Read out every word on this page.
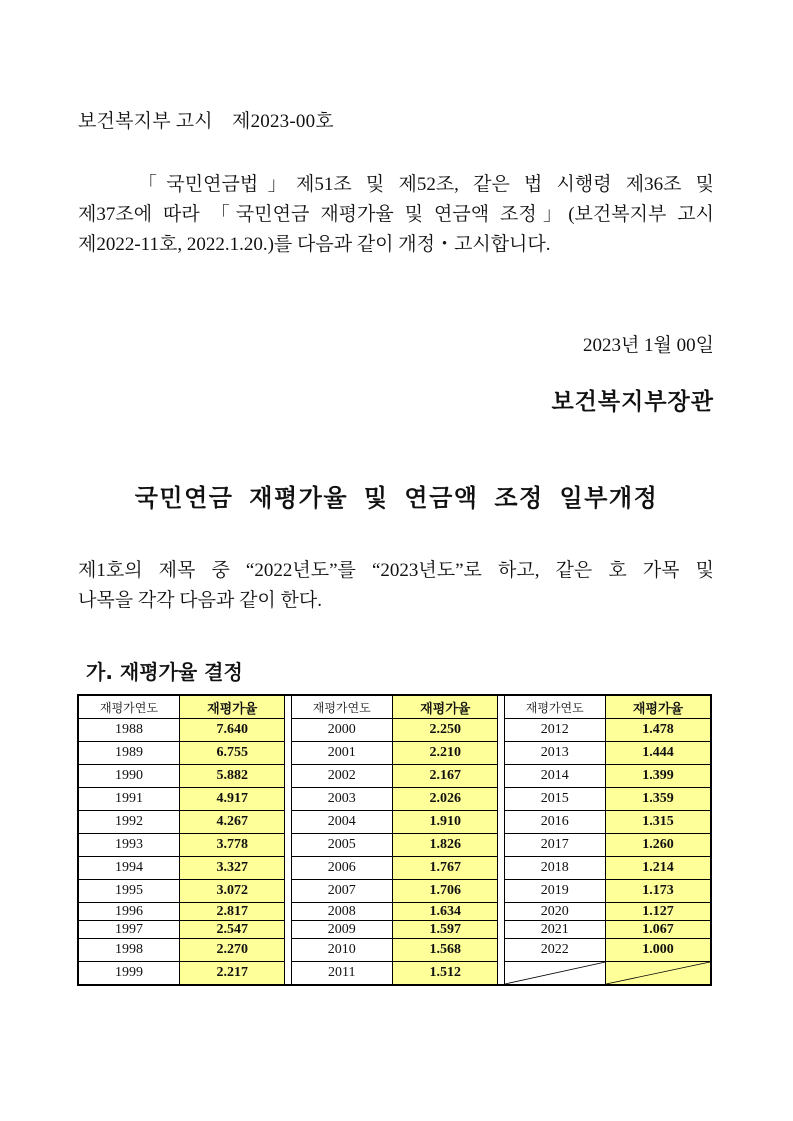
보건복지부 고시　제2023-00호
「국민연금법」제51조 및 제52조, 같은 법 시행령 제36조 및
제37조에 따라 「국민연금 재평가율 및 연금액 조정」(보건복지부 고시
제2022-11호, 2022.1.20.)를 다음과 같이 개정・고시합니다.
2023년 1월 00일
보건복지부장관
국민연금 재평가율 및 연금액 조정 일부개정
제1호의 제목 중 “2022년도”를 “2023년도”로 하고, 같은 호 가목 및
나목을 각각 다음과 같이 한다.
가. 재평가율 결정
재평가연도	재평가율		재평가연도	재평가율		재평가연도	재평가율
1988	7.640		2000	2.250		2012	1.478
1989	6.755		2001	2.210		2013	1.444
1990	5.882		2002	2.167		2014	1.399
1991	4.917		2003	2.026		2015	1.359
1992	4.267		2004	1.910		2016	1.315
1993	3.778		2005	1.826		2017	1.260
1994	3.327		2006	1.767		2018	1.214
1995	3.072		2007	1.706		2019	1.173
1996	2.817		2008	1.634		2020	1.127
1997	2.547		2009	1.597		2021	1.067
1998	2.270		2010	1.568		2022	1.000
1999	2.217		2011	1.512		
